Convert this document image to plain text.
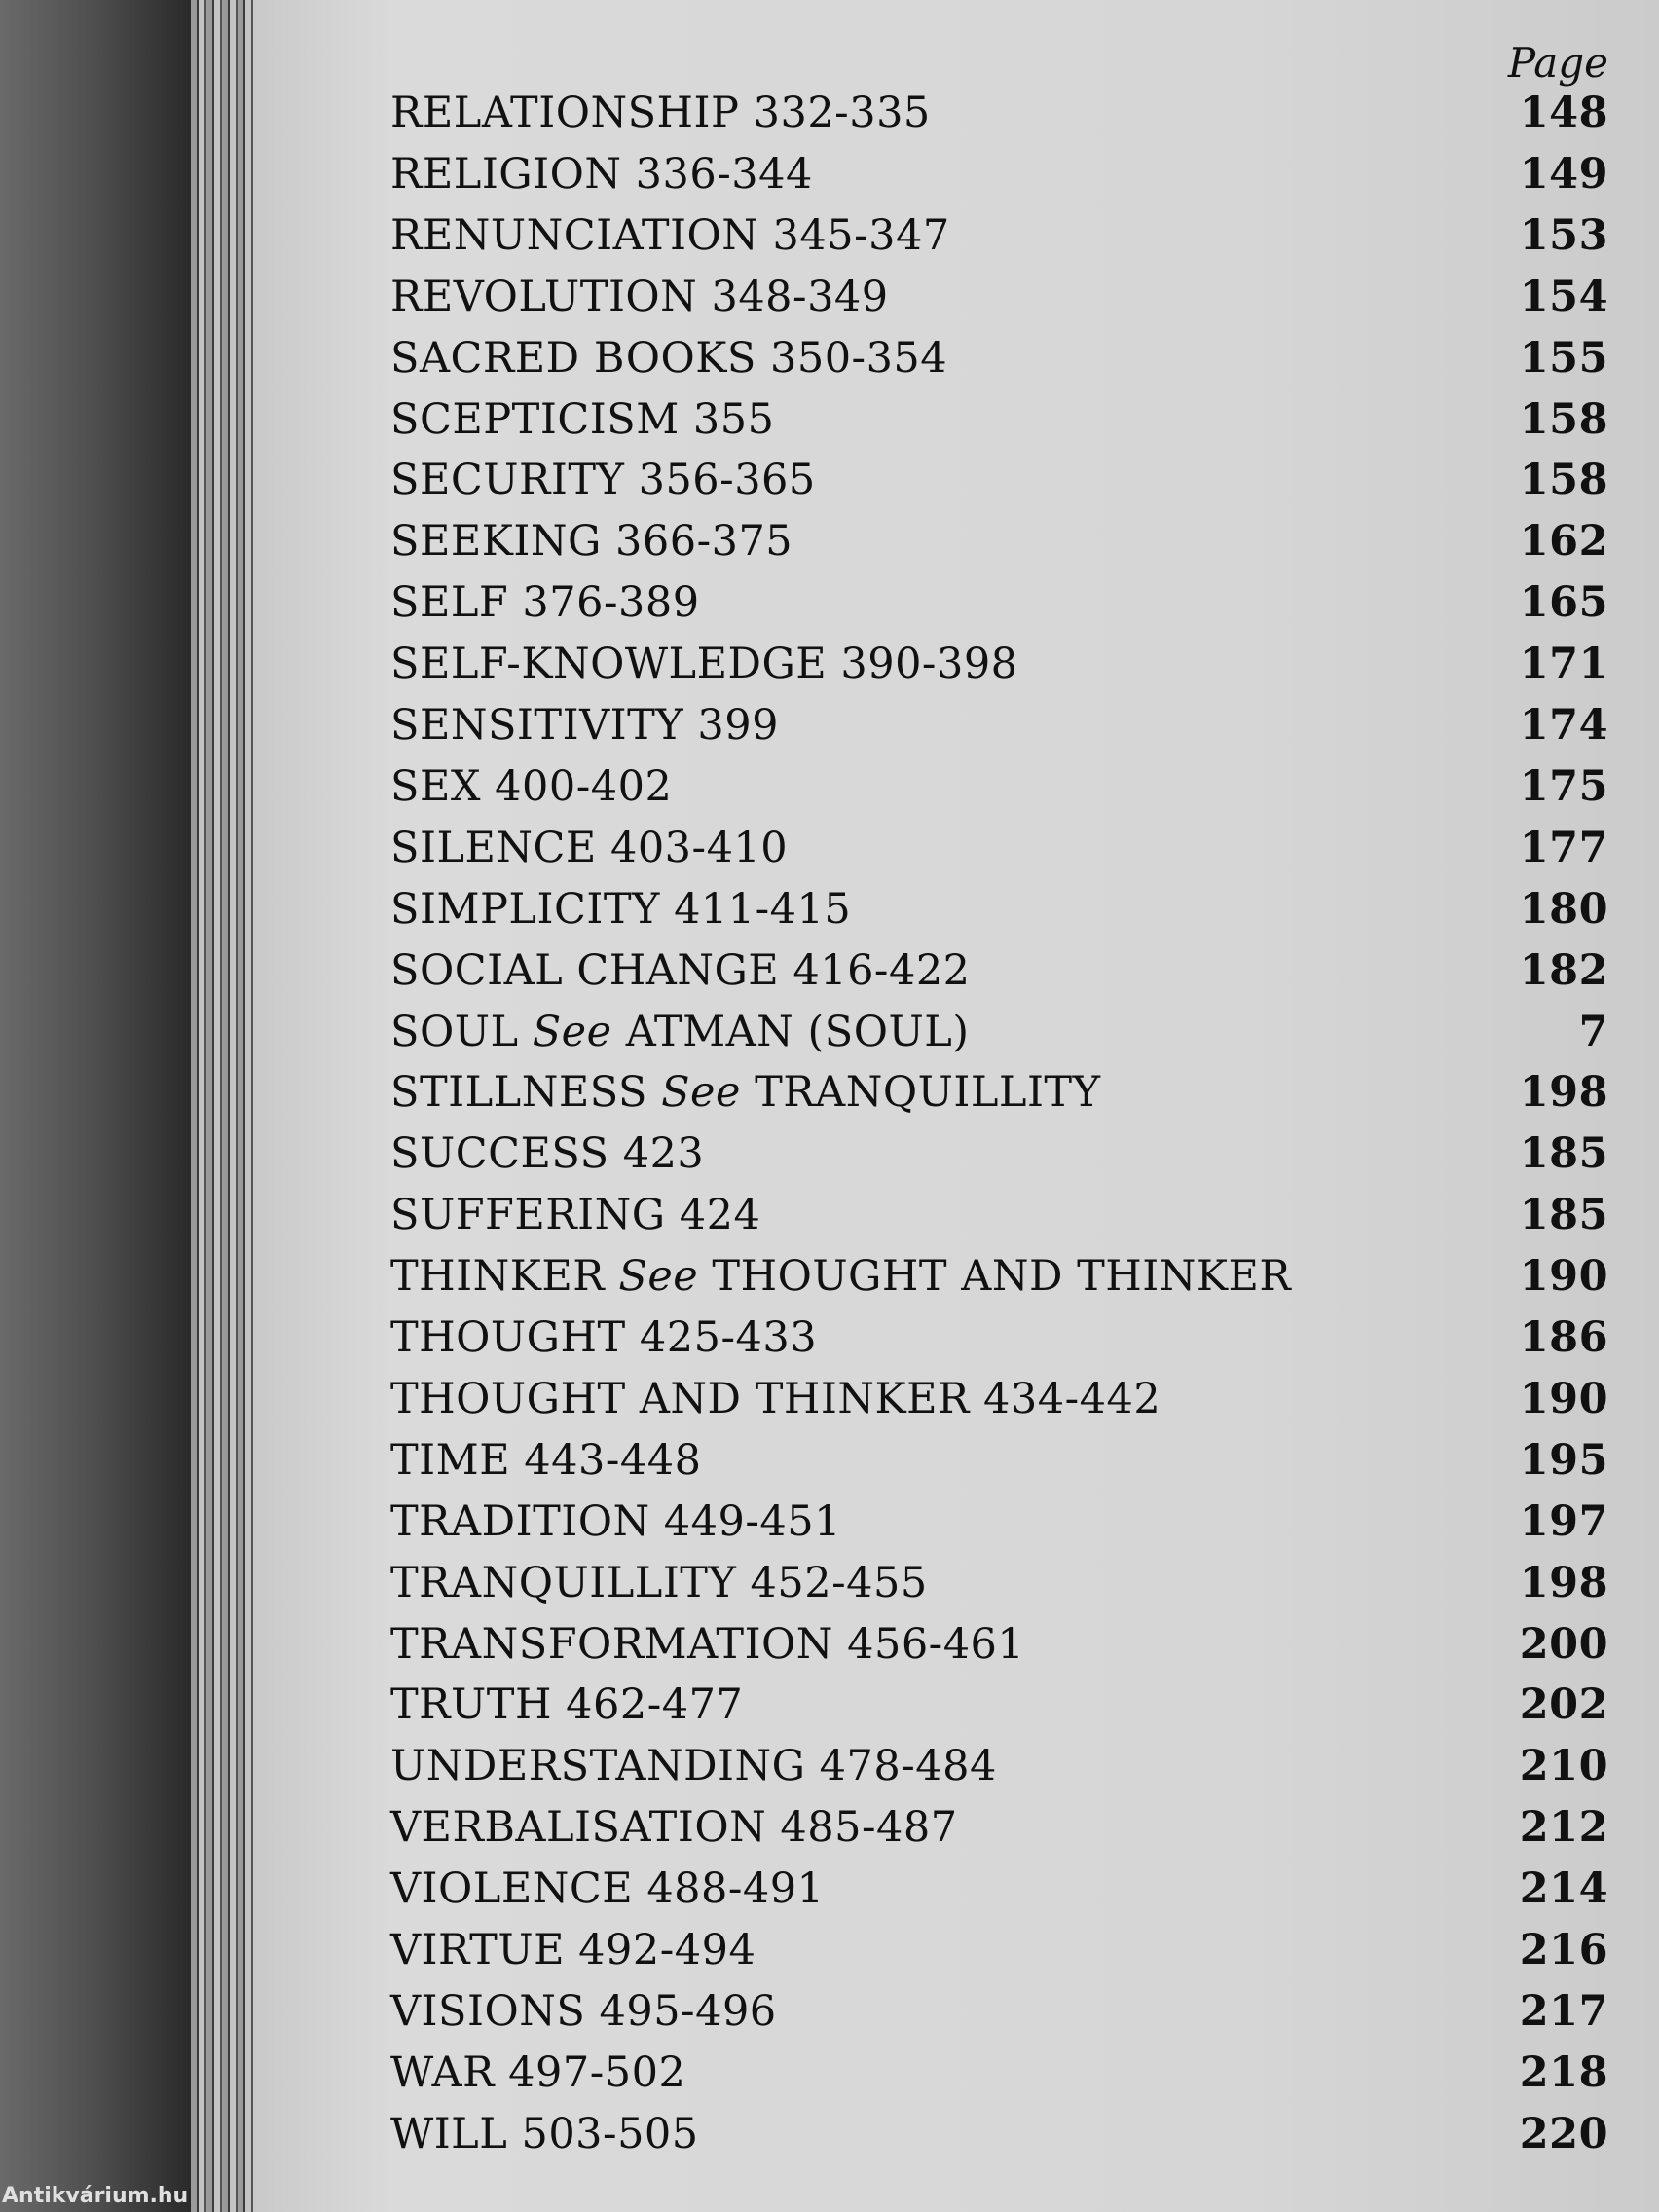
Page
RELATIONSHIP 332-335	148
RELIGION 336-344	149
RENUNCIATION 345-347	153
REVOLUTION 348-349	154
SACRED BOOKS 350-354	155
SCEPTICISM 355	158
SECURITY 356-365	158
SEEKING 366-375	162
SELF 376-389	165
SELF-KNOWLEDGE 390-398	171
SENSITIVITY 399	174
SEX 400-402	175
SILENCE 403-410	177
SIMPLICITY 411-415	180
SOCIAL CHANGE 416-422	182
SOUL See ATMAN (SOUL)	7
STILLNESS See TRANQUILLITY	198
SUCCESS 423	185
SUFFERING 424	185
THINKER See THOUGHT AND THINKER	190
THOUGHT 425-433	186
THOUGHT AND THINKER 434-442	190
TIME 443-448	195
TRADITION 449-451	197
TRANQUILLITY 452-455	198
TRANSFORMATION 456-461	200
TRUTH 462-477	202
UNDERSTANDING 478-484	210
VERBALISATION 485-487	212
VIOLENCE 488-491	214
VIRTUE 492-494	216
VISIONS 495-496	217
WAR 497-502	218
WILL 503-505	220
Antikvárium.hu
